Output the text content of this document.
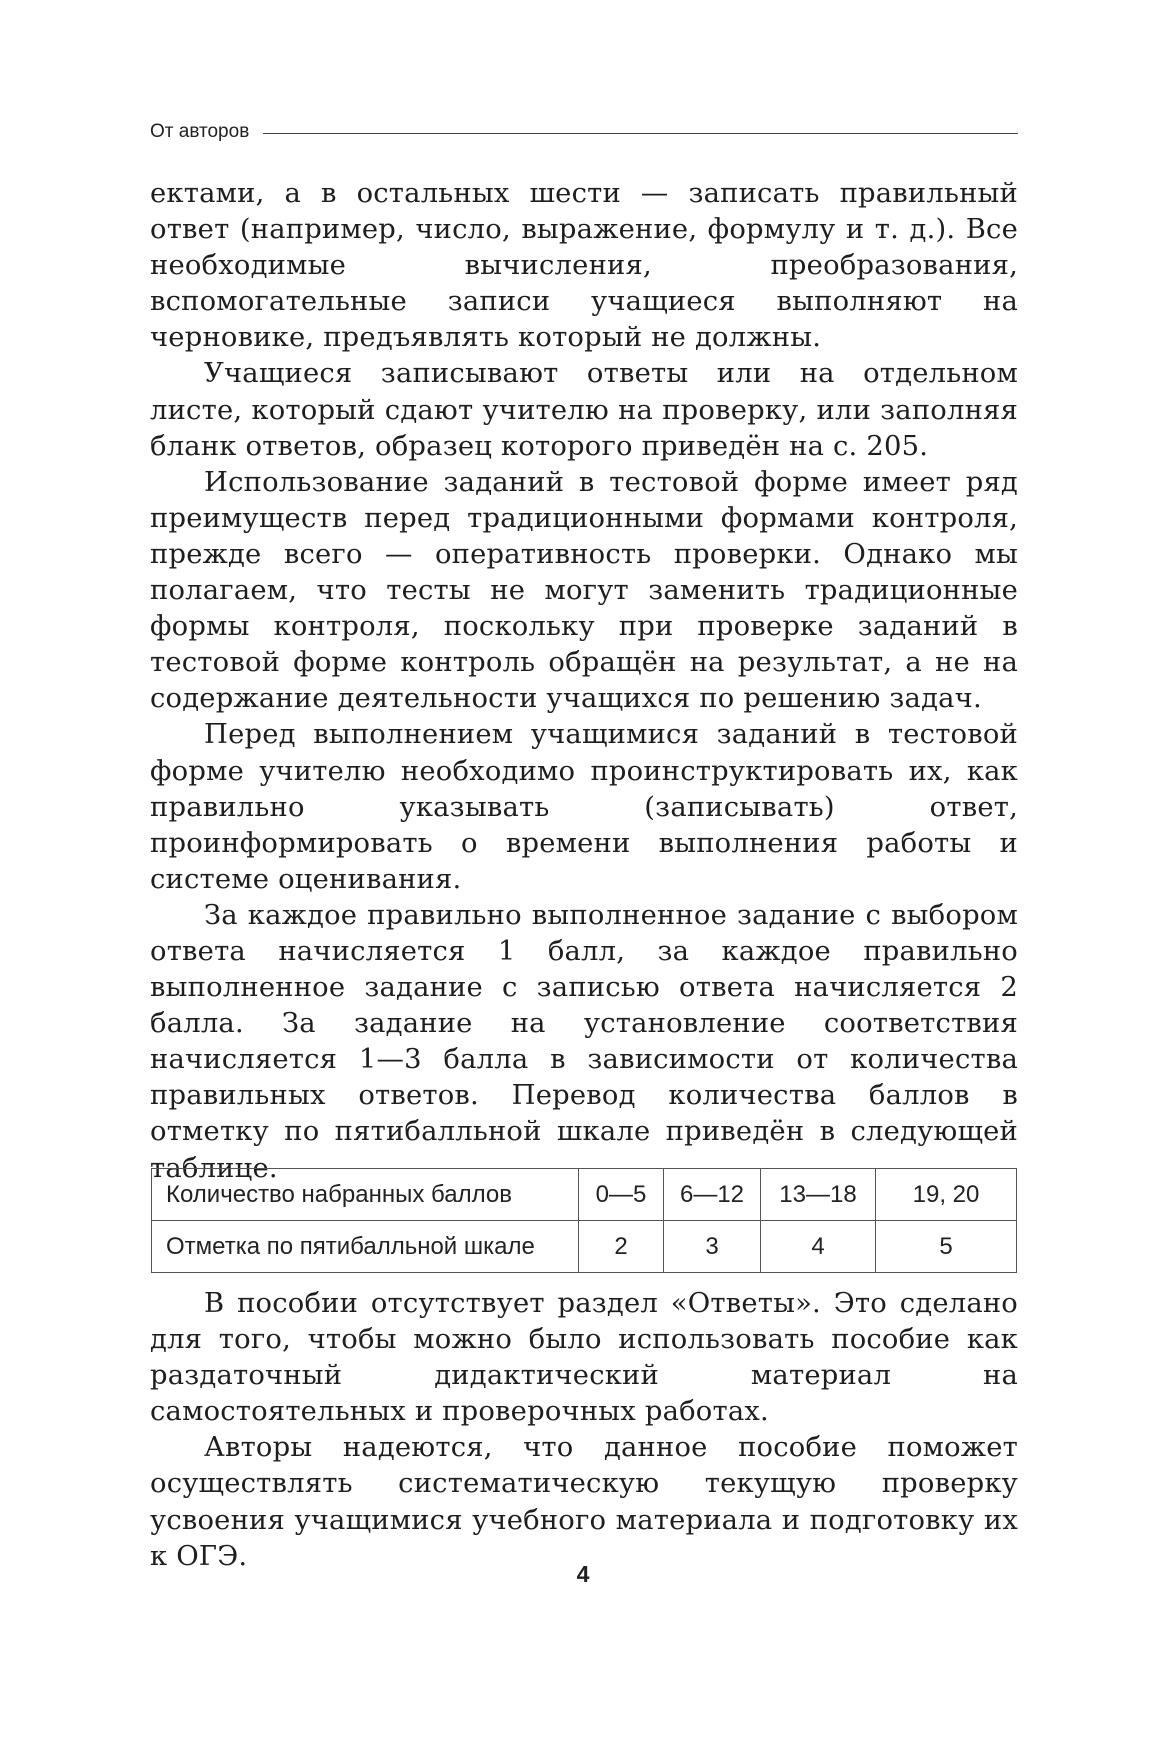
От авторов

ектами, а в остальных шести — записать правильный ответ (например, число, выражение, формулу и т. д.). Все необходимые вычисления, преобразования, вспомогательные записи учащиеся выполняют на черновике, предъявлять который не должны.

Учащиеся записывают ответы или на отдельном листе, который сдают учителю на проверку, или заполняя бланк ответов, образец которого приведён на с. 205.

Использование заданий в тестовой форме имеет ряд преимуществ перед традиционными формами контроля, прежде всего — оперативность проверки. Однако мы полагаем, что тесты не могут заменить традиционные формы контроля, поскольку при проверке заданий в тестовой форме контроль обращён на результат, а не на содержание деятельности учащихся по решению задач.

Перед выполнением учащимися заданий в тестовой форме учителю необходимо проинструктировать их, как правильно указывать (записывать) ответ, проинформировать о времени выполнения работы и системе оценивания.

За каждое правильно выполненное задание с выбором ответа начисляется 1 балл, за каждое правильно выполненное задание с записью ответа начисляется 2 балла. За задание на установление соответствия начисляется 1—3 балла в зависимости от количества правильных ответов. Перевод количества баллов в отметку по пятибалльной шкале приведён в следующей таблице.

Количество набранных баллов	0—5	6—12	13—18	19, 20
Отметка по пятибалльной шкале	2	3	4	5

В пособии отсутствует раздел «Ответы». Это сделано для того, чтобы можно было использовать пособие как раздаточный дидактический материал на самостоятельных и проверочных работах.

Авторы надеются, что данное пособие поможет осуществлять систематическую текущую проверку усвоения учащимися учебного материала и подготовку их к ОГЭ.

4
